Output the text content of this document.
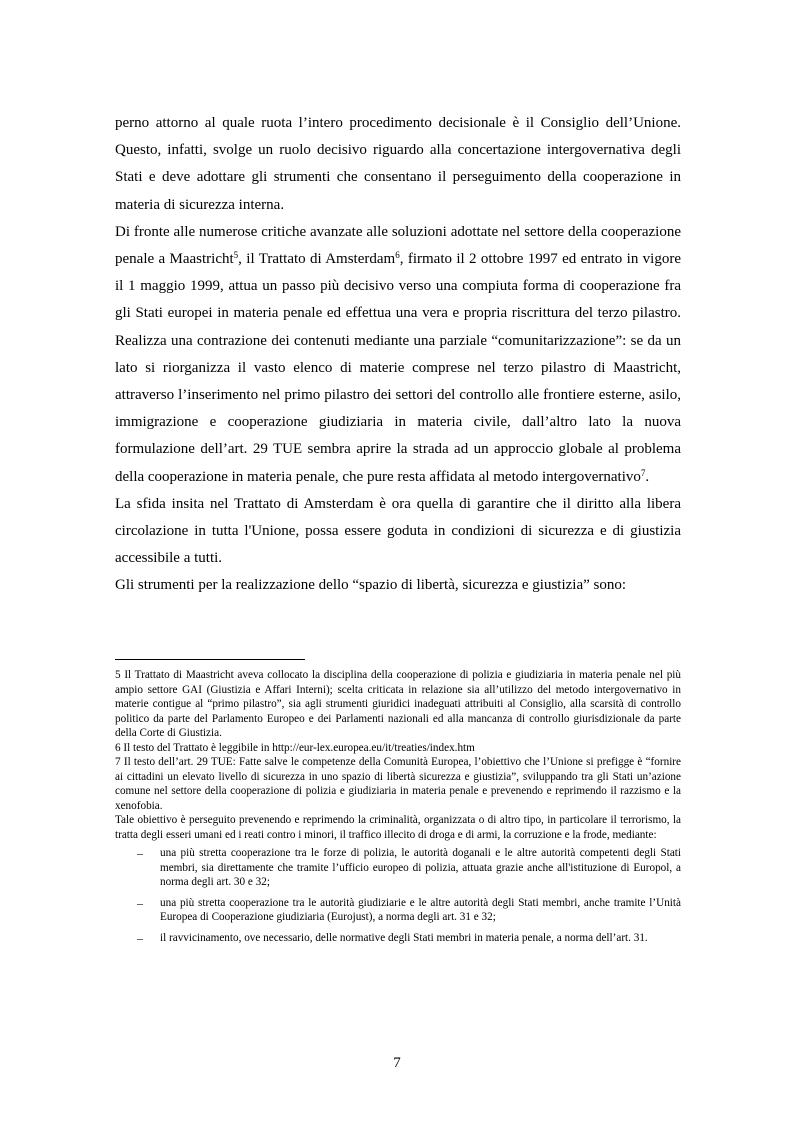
perno attorno al quale ruota l’intero procedimento decisionale è il Consiglio dell’Unione. Questo, infatti, svolge un ruolo decisivo riguardo alla concertazione intergovernativa degli Stati e deve adottare gli strumenti che consentano il perseguimento della cooperazione in materia di sicurezza interna.

Di fronte alle numerose critiche avanzate alle soluzioni adottate nel settore della cooperazione penale a Maastricht$^5$, il Trattato di Amsterdam$^6$, firmato il 2 ottobre 1997 ed entrato in vigore il 1 maggio 1999, attua un passo più decisivo verso una compiuta forma di cooperazione fra gli Stati europei in materia penale ed effettua una vera e propria riscrittura del terzo pilastro. Realizza una contrazione dei contenuti mediante una parziale “comunitarizzazione”: se da un lato si riorganizza il vasto elenco di materie comprese nel terzo pilastro di Maastricht, attraverso l’inserimento nel primo pilastro dei settori del controllo alle frontiere esterne, asilo, immigrazione e cooperazione giudiziaria in materia civile, dall’altro lato la nuova formulazione dell’art. 29 TUE sembra aprire la strada ad un approccio globale al problema della cooperazione in materia penale, che pure resta affidata al metodo intergovernativo$^7$.

La sfida insita nel Trattato di Amsterdam è ora quella di garantire che il diritto alla libera circolazione in tutta l'Unione, possa essere goduta in condizioni di sicurezza e di giustizia accessibile a tutti.

Gli strumenti per la realizzazione dello “spazio di libertà, sicurezza e giustizia” sono:

5 Il Trattato di Maastricht aveva collocato la disciplina della cooperazione di polizia e giudiziaria in materia penale nel più ampio settore GAI (Giustizia e Affari Interni); scelta criticata in relazione sia all’utilizzo del metodo intergovernativo in materie contigue al “primo pilastro”, sia agli strumenti giuridici inadeguati attribuiti al Consiglio, alla scarsità di controllo politico da parte del Parlamento Europeo e dei Parlamenti nazionali ed alla mancanza di controllo giurisdizionale da parte della Corte di Giustizia.

6 Il testo del Trattato è leggibile in http://eur-lex.europea.eu/it/treaties/index.htm

7 Il testo dell’art. 29 TUE: Fatte salve le competenze della Comunità Europea, l’obiettivo che l’Unione si prefigge è “fornire ai cittadini un elevato livello di sicurezza in uno spazio di libertà sicurezza e giustizia”, sviluppando tra gli Stati un’azione comune nel settore della cooperazione di polizia e giudiziaria in materia penale e prevenendo e reprimendo il razzismo e la xenofobia.

Tale obiettivo è perseguito prevenendo e reprimendo la criminalità, organizzata o di altro tipo, in particolare il terrorismo, la tratta degli esseri umani ed i reati contro i minori, il traffico illecito di droga e di armi, la corruzione e la frode, mediante:

– una più stretta cooperazione tra le forze di polizia, le autorità doganali e le altre autorità competenti degli Stati membri, sia direttamente che tramite l’ufficio europeo di polizia, attuata grazie anche all'istituzione di Europol, a norma degli art. 30 e 32;
– una più stretta cooperazione tra le autorità giudiziarie e le altre autorità degli Stati membri, anche tramite l’Unità Europea di Cooperazione giudiziaria (Eurojust), a norma degli art. 31 e 32;
– il ravvicinamento, ove necessario, delle normative degli Stati membri in materia penale, a norma dell’art. 31.
7
